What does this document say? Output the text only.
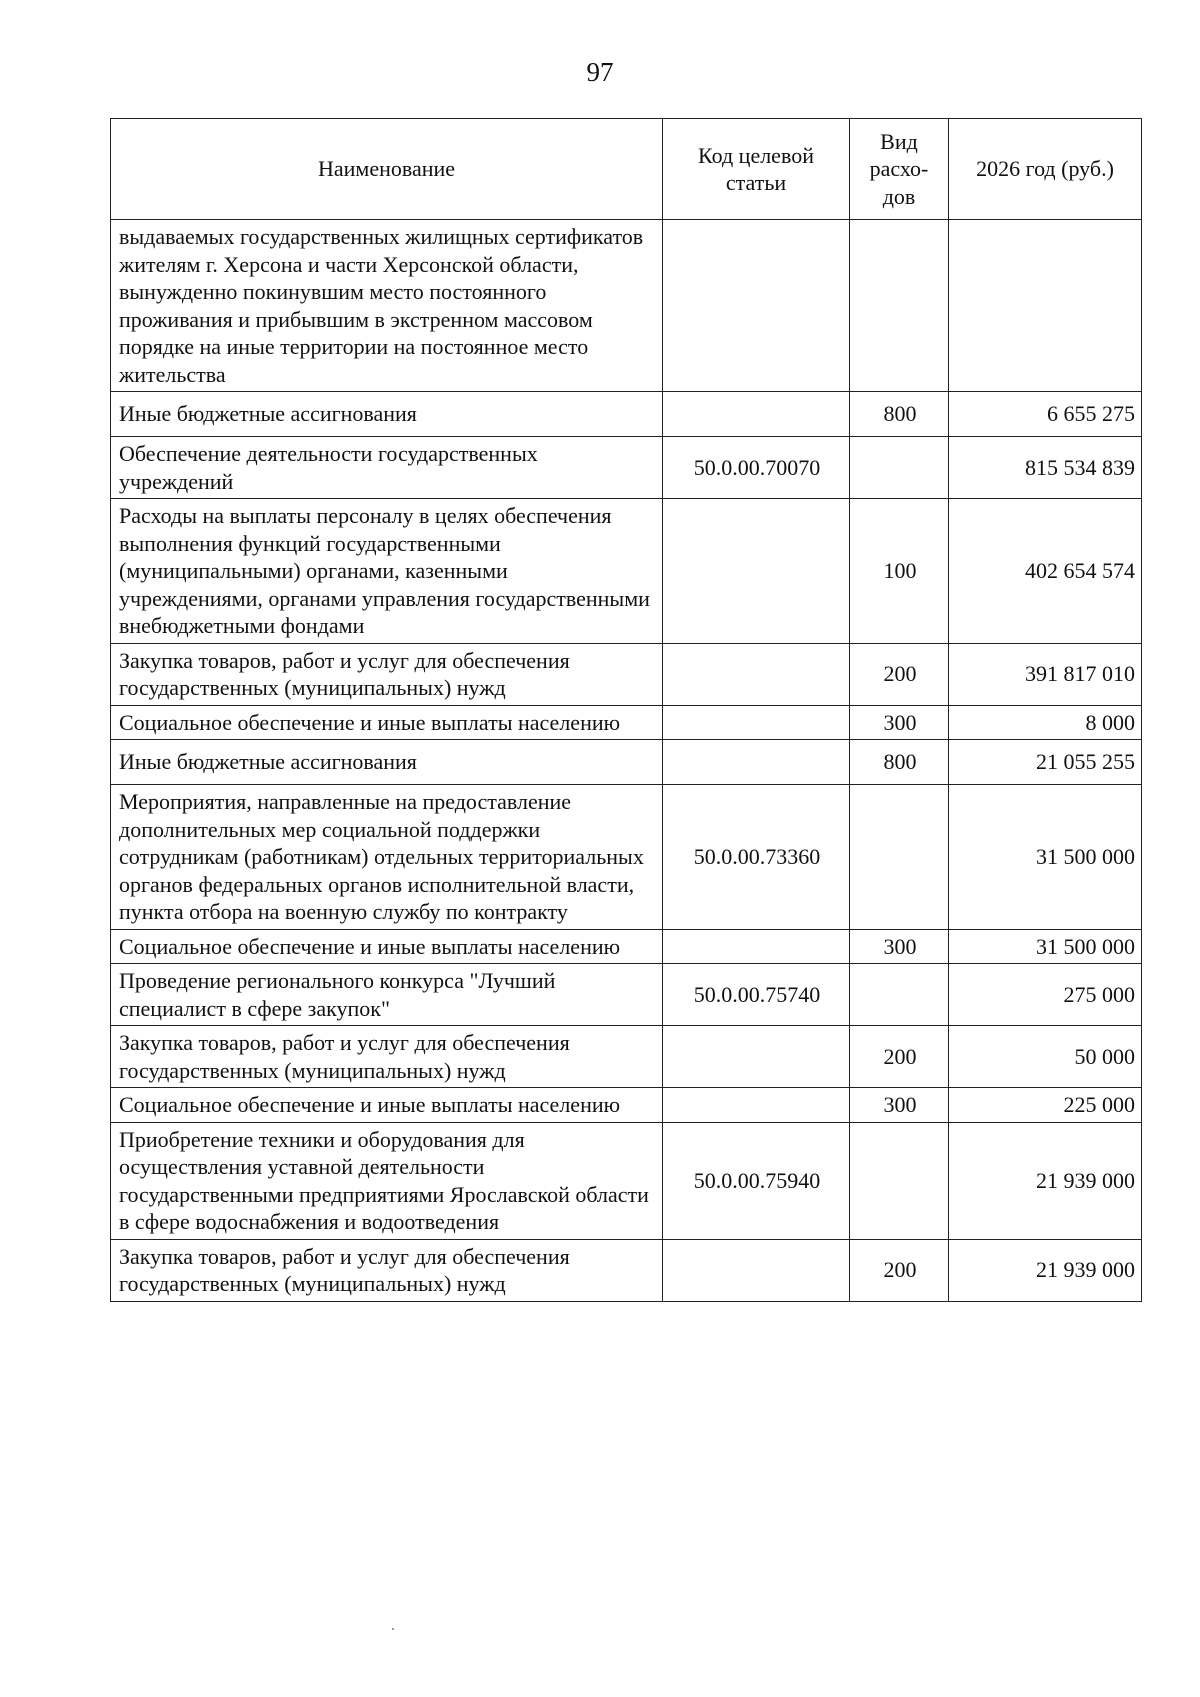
97
Наименование	Код целевой статьи	Вид расхо-дов	2026 год (руб.)
выдаваемых государственных жилищных сертификатов жителям г. Херсона и части Херсонской области, вынужденно покинувшим место постоянного проживания и прибывшим в экстренном массовом порядке на иные территории на постоянное место жительства			
Иные бюджетные ассигнования		800	6 655 275
Обеспечение деятельности государственных учреждений	50.0.00.70070		815 534 839
Расходы на выплаты персоналу в целях обеспечения выполнения функций государственными (муниципальными) органами, казенными учреждениями, органами управления государственными внебюджетными фондами		100	402 654 574
Закупка товаров, работ и услуг для обеспечения государственных (муниципальных) нужд		200	391 817 010
Социальное обеспечение и иные выплаты населению		300	8 000
Иные бюджетные ассигнования		800	21 055 255
Мероприятия, направленные на предоставление дополнительных мер социальной поддержки сотрудникам (работникам) отдельных территориальных органов федеральных органов исполнительной власти, пункта отбора на военную службу по контракту	50.0.00.73360		31 500 000
Социальное обеспечение и иные выплаты населению		300	31 500 000
Проведение регионального конкурса "Лучший специалист в сфере закупок"	50.0.00.75740		275 000
Закупка товаров, работ и услуг для обеспечения государственных (муниципальных) нужд		200	50 000
Социальное обеспечение и иные выплаты населению		300	225 000
Приобретение техники и оборудования для осуществления уставной деятельности государственными предприятиями Ярославской области в сфере водоснабжения и водоотведения	50.0.00.75940		21 939 000
Закупка товаров, работ и услуг для обеспечения государственных (муниципальных) нужд		200	21 939 000
